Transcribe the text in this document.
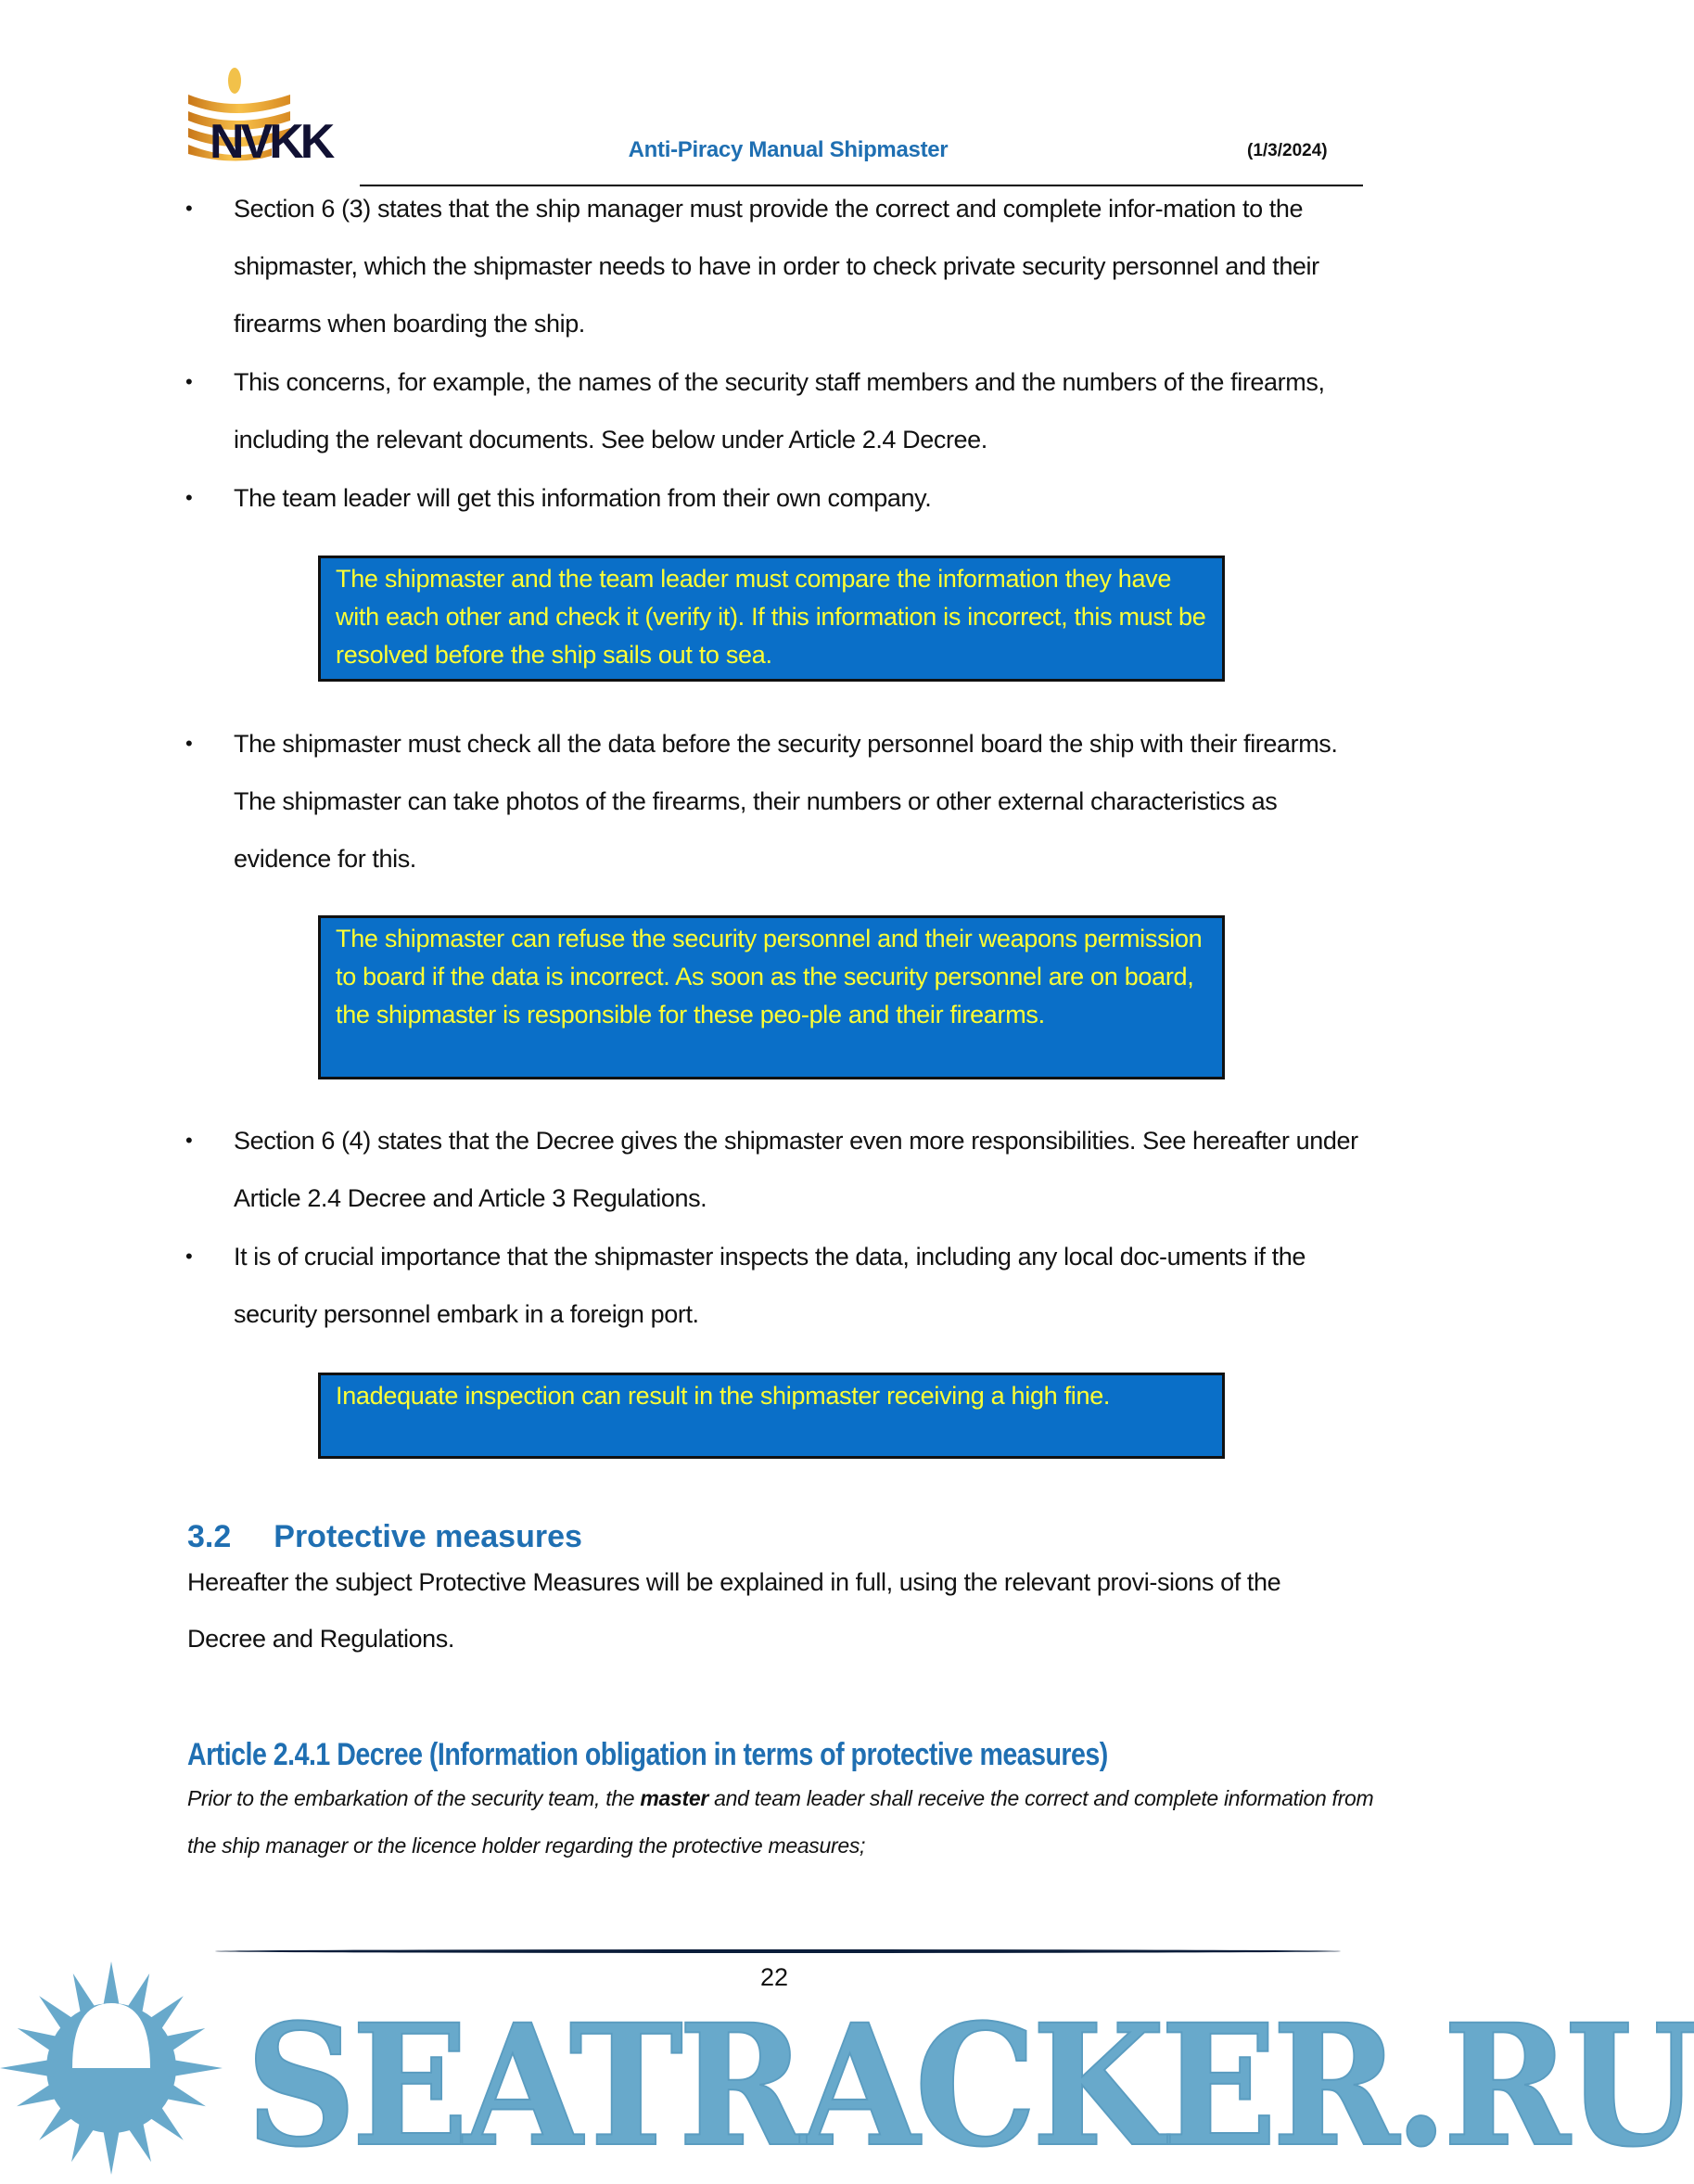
NVKK	Anti-Piracy Manual Shipmaster	(1/3/2024)
• Section 6 (3) states that the ship manager must provide the correct and complete infor-mation to the shipmaster, which the shipmaster needs to have in order to check private security personnel and their firearms when boarding the ship.
• This concerns, for example, the names of the security staff members and the numbers of the firearms, including the relevant documents. See below under Article 2.4 Decree.
• The team leader will get this information from their own company.
The shipmaster and the team leader must compare the information they have with each other and check it (verify it). If this information is incorrect, this must be resolved before the ship sails out to sea.
• The shipmaster must check all the data before the security personnel board the ship with their firearms. The shipmaster can take photos of the firearms, their numbers or other external characteristics as evidence for this.
The shipmaster can refuse the security personnel and their weapons permission to board if the data is incorrect. As soon as the security personnel are on board, the shipmaster is responsible for these peo-ple and their firearms.
• Section 6 (4) states that the Decree gives the shipmaster even more responsibilities. See hereafter under Article 2.4 Decree and Article 3 Regulations.
• It is of crucial importance that the shipmaster inspects the data, including any local doc-uments if the security personnel embark in a foreign port.
Inadequate inspection can result in the shipmaster receiving a high fine.
3.2 Protective measures
Hereafter the subject Protective Measures will be explained in full, using the relevant provi-sions of the Decree and Regulations.
Article 2.4.1 Decree (Information obligation in terms of protective measures)
Prior to the embarkation of the security team, the master and team leader shall receive the correct and complete information from the ship manager or the licence holder regarding the protective measures;
22
SEATRACKER.RU
